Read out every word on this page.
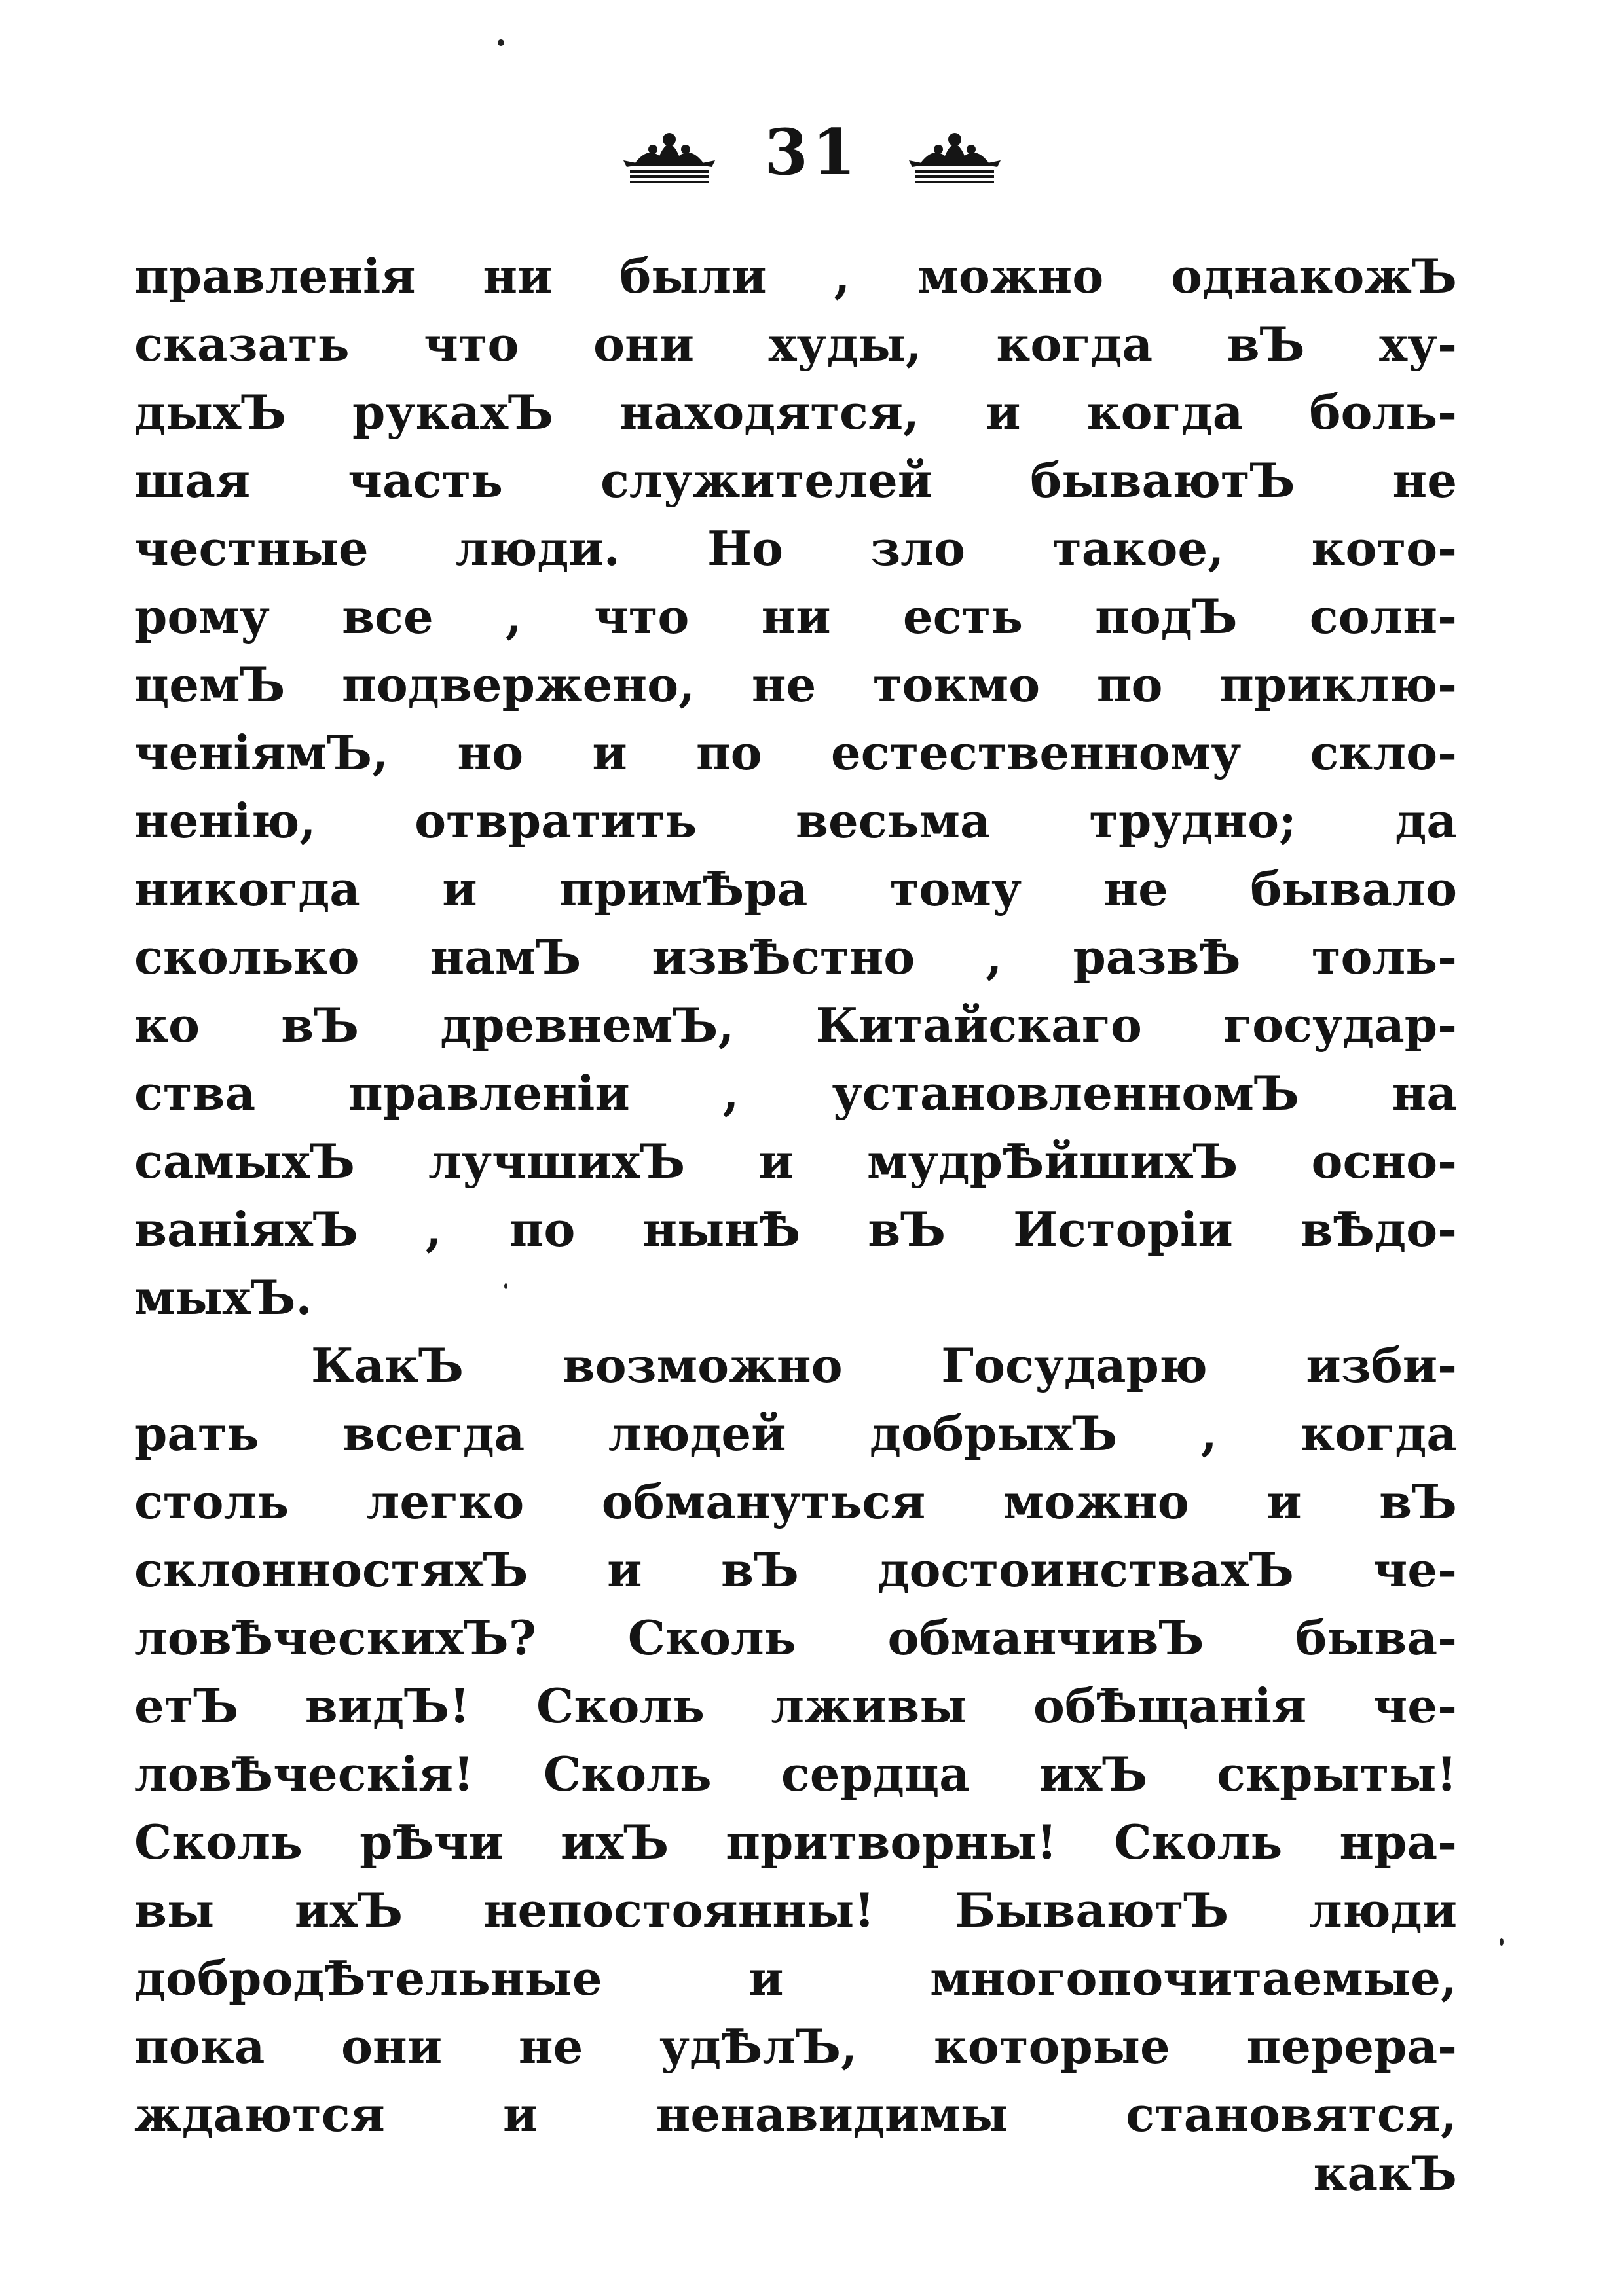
31
правленія ни были , можно однакожЪ
сказать что они худы, когда вЪ ху-
дыхЪ рукахЪ находятся, и когда боль-
шая часть служителей бываютЪ не
честные люди. Но зло такое, кото-
рому все , что ни есть подЪ солн-
цемЪ подвержено, не токмо по приклю-
ченіямЪ, но и по естественному скло-
ненію, отвратить весьма трудно; да
никогда и примѢра тому не бывало
сколько намЪ извѢстно , развѢ толь-
ко вЪ древнемЪ, Китайскаго государ-
ства правленіи , установленномЪ на
самыхЪ лучшихЪ и мудрѢйшихЪ осно-
ваніяхЪ , по нынѢ вЪ Исторіи вѢдо-
мыхЪ.
КакЪ возможно Государю изби-
рать всегда людей добрыхЪ , когда
столь легко обмануться можно и вЪ
склонностяхЪ и вЪ достоинствахЪ че-
ловѢческихЪ? Сколь обманчивЪ быва-
етЪ видЪ! Сколь лживы обѢщанія че-
ловѢческія! Сколь сердца ихЪ скрыты!
Сколь рѢчи ихЪ притворны! Сколь нра-
вы ихЪ непостоянны! БываютЪ люди
добродѢтельные и многопочитаемые,
пока они не удѢлЪ, которые перера-
ждаются и ненавидимы становятся,
какЪ
